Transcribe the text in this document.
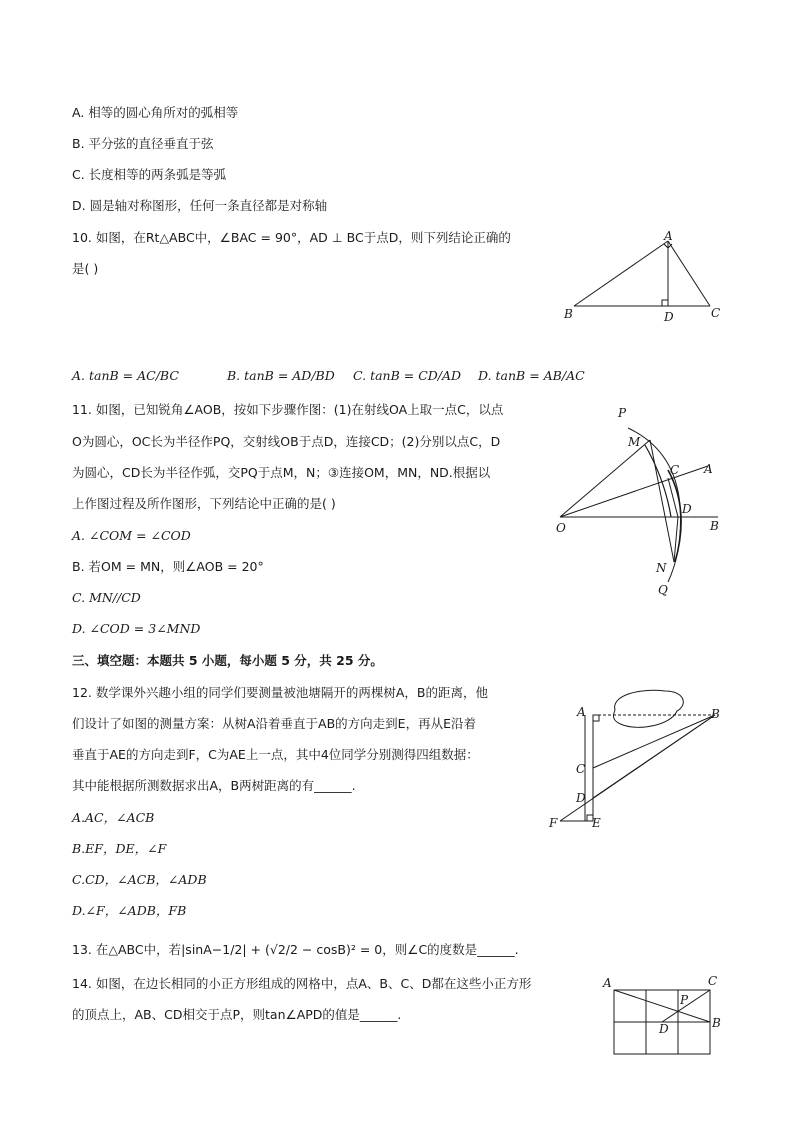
A. 相等的圆心角所对的弧相等
B. 平分弦的直径垂直于弦
C. 长度相等的两条弧是等弧
D. 圆是轴对称图形，任何一条直径都是对称轴
10. 如图，在Rt△ABC中，∠BAC = 90°，AD ⊥ BC于点D，则下列结论正确的
是( )
A
B	D	C
A. tanB = AC/BC	B. tanB = AD/BD C. tanB = CD/AD D. tanB = AB/AC
11. 如图，已知锐角∠AOB，按如下步骤作图：(1)在射线OA上取一点C，以点
O为圆心，OC长为半径作PQ，交射线OB于点D，连接CD；(2)分别以点C，D
为圆心，CD长为半径作弧，交PQ于点M，N；③连接OM，MN，ND.根据以
上作图过程及所作图形，下列结论中正确的是( )
A. ∠COM = ∠COD
B. 若OM = MN，则∠AOB = 20°
C. MN//CD
D. ∠COD = 3∠MND
P
M
C A
D
B
O
N
Q
三、填空题：本题共 5 小题，每小题 5 分，共 25 分。
12. 数学课外兴趣小组的同学们要测量被池塘隔开的两棵树A，B的距离，他
们设计了如图的测量方案：从树A沿着垂直于AB的方向走到E，再从E沿着
垂直于AE的方向走到F，C为AE上一点，其中4位同学分别测得四组数据：
其中能根据所测数据求出A，B两树距离的有______.
A.AC，∠ACB
B.EF，DE，∠F
C.CD，∠ACB，∠ADB
D.∠F，∠ADB，FB
A	B
C
D
F	E
13. 在△ABC中，若|sinA−1/2| + (√2/2 − cosB)² = 0，则∠C的度数是______.
14. 如图，在边长相同的小正方形组成的网格中，点A、B、C、D都在这些小正方形
的顶点上，AB、CD相交于点P，则tan∠APD的值是______.
A	C
P
B
D
